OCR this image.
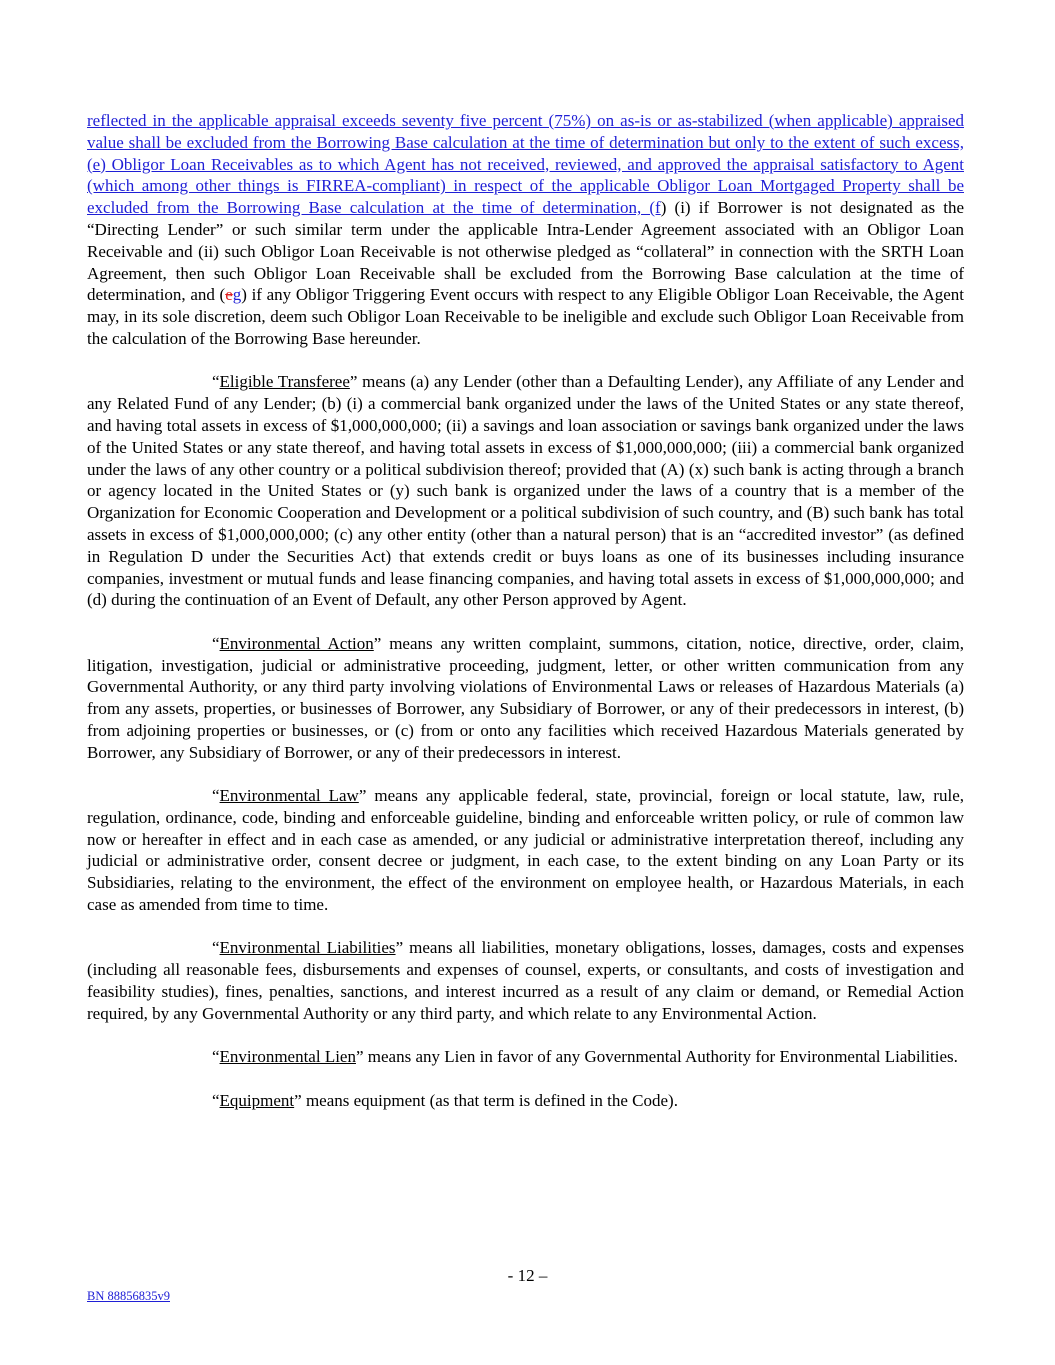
reflected in the applicable appraisal exceeds seventy five percent (75%) on as-is or as-stabilized (when applicable) appraised value shall be excluded from the Borrowing Base calculation at the time of determination but only to the extent of such excess, (e) Obligor Loan Receivables as to which Agent has not received, reviewed, and approved the appraisal satisfactory to Agent (which among other things is FIRREA-compliant) in respect of the applicable Obligor Loan Mortgaged Property shall be excluded from the Borrowing Base calculation at the time of determination, (f) (i) if Borrower is not designated as the “Directing Lender” or such similar term under the applicable Intra-Lender Agreement associated with an Obligor Loan Receivable and (ii) such Obligor Loan Receivable is not otherwise pledged as “collateral” in connection with the SRTH Loan Agreement, then such Obligor Loan Receivable shall be excluded from the Borrowing Base calculation at the time of determination, and (eg) if any Obligor Triggering Event occurs with respect to any Eligible Obligor Loan Receivable, the Agent may, in its sole discretion, deem such Obligor Loan Receivable to be ineligible and exclude such Obligor Loan Receivable from the calculation of the Borrowing Base hereunder.

“Eligible Transferee” means (a) any Lender (other than a Defaulting Lender), any Affiliate of any Lender and any Related Fund of any Lender; (b) (i) a commercial bank organized under the laws of the United States or any state thereof, and having total assets in excess of $1,000,000,000; (ii) a savings and loan association or savings bank organized under the laws of the United States or any state thereof, and having total assets in excess of $1,000,000,000; (iii) a commercial bank organized under the laws of any other country or a political subdivision thereof; provided that (A) (x) such bank is acting through a branch or agency located in the United States or (y) such bank is organized under the laws of a country that is a member of the Organization for Economic Cooperation and Development or a political subdivision of such country, and (B) such bank has total assets in excess of $1,000,000,000; (c) any other entity (other than a natural person) that is an “accredited investor” (as defined in Regulation D under the Securities Act) that extends credit or buys loans as one of its businesses including insurance companies, investment or mutual funds and lease financing companies, and having total assets in excess of $1,000,000,000; and (d) during the continuation of an Event of Default, any other Person approved by Agent.

“Environmental Action” means any written complaint, summons, citation, notice, directive, order, claim, litigation, investigation, judicial or administrative proceeding, judgment, letter, or other written communication from any Governmental Authority, or any third party involving violations of Environmental Laws or releases of Hazardous Materials (a) from any assets, properties, or businesses of Borrower, any Subsidiary of Borrower, or any of their predecessors in interest, (b) from adjoining properties or businesses, or (c) from or onto any facilities which received Hazardous Materials generated by Borrower, any Subsidiary of Borrower, or any of their predecessors in interest.

“Environmental Law” means any applicable federal, state, provincial, foreign or local statute, law, rule, regulation, ordinance, code, binding and enforceable guideline, binding and enforceable written policy, or rule of common law now or hereafter in effect and in each case as amended, or any judicial or administrative interpretation thereof, including any judicial or administrative order, consent decree or judgment, in each case, to the extent binding on any Loan Party or its Subsidiaries, relating to the environment, the effect of the environment on employee health, or Hazardous Materials, in each case as amended from time to time.

“Environmental Liabilities” means all liabilities, monetary obligations, losses, damages, costs and expenses (including all reasonable fees, disbursements and expenses of counsel, experts, or consultants, and costs of investigation and feasibility studies), fines, penalties, sanctions, and interest incurred as a result of any claim or demand, or Remedial Action required, by any Governmental Authority or any third party, and which relate to any Environmental Action.

“Environmental Lien” means any Lien in favor of any Governmental Authority for Environmental Liabilities.

“Equipment” means equipment (as that term is defined in the Code).

- 12 –
BN 88856835v9
